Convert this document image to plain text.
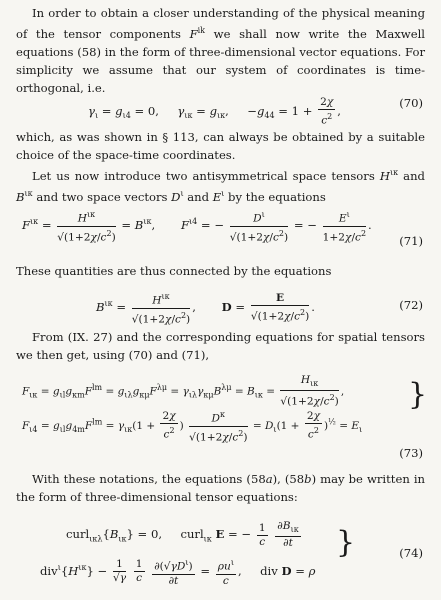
In order to obtain a closer understanding of the physical meaning of the tensor components $F^{ik}$ we shall now write the Maxwell equations (58) in the form of three-dimensional vector equations. For simplicity we assume that our system of coordinates is time-orthogonal, i.e.

$\gamma_\iota = g_{\iota 4} = 0$,     $\gamma_{\iota\kappa} = g_{\iota\kappa}$,     $-g_{44} = 1 + \frac{2\chi}{c^2}$ ,
(70)

which, as was shown in § 113, can always be obtained by a suitable choice of the space-time coordinates.

Let us now introduce two antisymmetrical space tensors $H^{\iota\kappa}$ and $B^{\iota\kappa}$ and two space vectors $D^\iota$ and $E^\iota$ by the equations

$F^{\iota\kappa} = \frac{H^{\iota\kappa}}{√(1+2\chi/c^2)} = B^{\iota\kappa}$,       $F^{\iota 4}$ = − $\frac{D^\iota}{√(1+2\chi/c^2)}$ = − $\frac{E^\iota}{1+2\chi/c^2}$ .
(71)

These quantities are thus connected by the equations

$B^{\iota\kappa} = \frac{H^{\iota\kappa}}{√(1+2\chi/c^2)}$ ,       $D = \frac{E}{√(1+2\chi/c^2)}$ .	(72)

From (IX. 27) and the corresponding equations for spatial tensors we then get, using (70) and (71),

$F_{\iota\kappa} = g_{\iota l}g_{\kappa m}F^{lm} = g_{\iota\lambda}g_{\kappa\mu}F^{\lambda\mu} = \gamma_{\iota\lambda}\gamma_{\kappa\mu}B^{\lambda\mu} = B_{\iota\kappa} = \frac{H_{\iota\kappa}}{√(1+2\chi/c^2)}$ ,
$F_{\iota 4} = g_{\iota l}g_{4m}F^{lm} = \gamma_{\iota\kappa}(1 + \frac{2\chi}{c^2}$ ) $\frac{D^\kappa}{√(1+2\chi/c^2)} = D_\iota(1 + \frac{2\chi}{c^2} )^{\frac{1}{2}} = E_\iota$
}
(73)

With these notations, the equations (58a), (58b) may be written in the form of three-dimensional tensor equations:

$curl_{\iota\kappa\lambda}\{B_{\iota\kappa}\} = 0$,     curl$_{\iota\kappa}$ E = − $\frac{1}{c}$
$\frac{\partial B_{\iota\kappa}}{\partial t}$
$div^\iota\{H^{\iota\kappa}\} - \frac{1}{√\gamma}$
$\frac{1}{c}$
$\frac{\partial(√\gamma D^\iota)}{\partial t} = \frac{\rho u^\iota}{c}$ ,     div D = ρ
}	(74)
